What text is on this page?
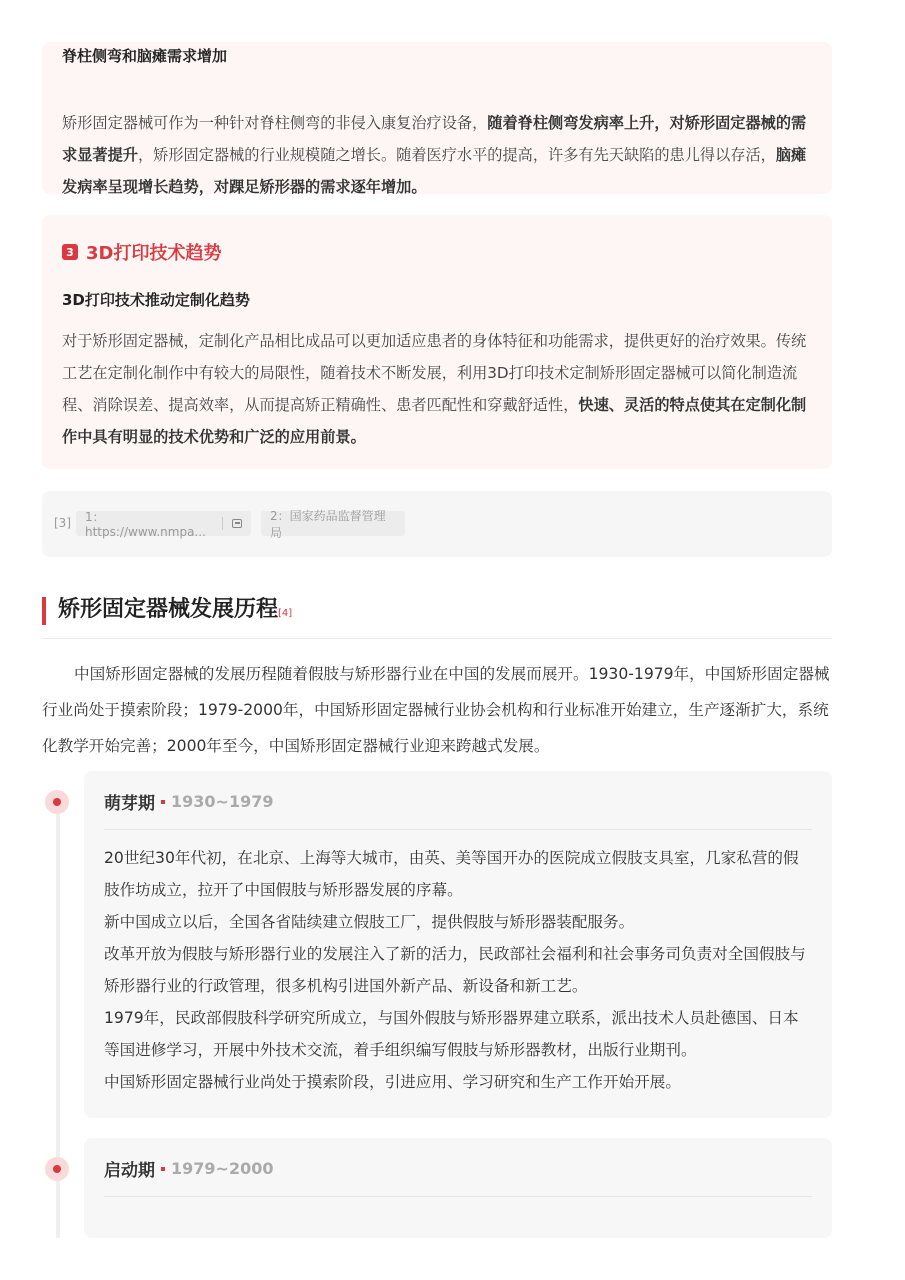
脊柱侧弯和脑瘫需求增加

矫形固定器械可作为一种针对脊柱侧弯的非侵入康复治疗设备，随着脊柱侧弯发病率上升，对矫形固定器械的需求显著提升，矫形固定器械的行业规模随之增长。随着医疗水平的提高，许多有先天缺陷的患儿得以存活，脑瘫发病率呈现增长趋势，对踝足矫形器的需求逐年增加。

3 3D打印技术趋势

3D打印技术推动定制化趋势

对于矫形固定器械，定制化产品相比成品可以更加适应患者的身体特征和功能需求，提供更好的治疗效果。传统工艺在定制化制作中有较大的局限性，随着技术不断发展，利用3D打印技术定制矫形固定器械可以简化制造流程、消除误差、提高效率，从而提高矫正精确性、患者匹配性和穿戴舒适性，快速、灵活的特点使其在定制化制作中具有明显的技术优势和广泛的应用前景。

[3] 1：https://www.nmpa...
2：国家药品监督管理局
矫形固定器械发展历程[4]

中国矫形固定器械的发展历程随着假肢与矫形器行业在中国的发展而展开。1930-1979年，中国矫形固定器械行业尚处于摸索阶段；1979-2000年，中国矫形固定器械行业协会机构和行业标准开始建立，生产逐渐扩大，系统化教学开始完善；2000年至今，中国矫形固定器械行业迎来跨越式发展。

萌芽期 1930~1979
20世纪30年代初，在北京、上海等大城市，由英、美等国开办的医院成立假肢支具室，几家私营的假肢作坊成立，拉开了中国假肢与矫形器发展的序幕。
新中国成立以后，全国各省陆续建立假肢工厂，提供假肢与矫形器装配服务。
改革开放为假肢与矫形器行业的发展注入了新的活力，民政部社会福利和社会事务司负责对全国假肢与矫形器行业的行政管理，很多机构引进国外新产品、新设备和新工艺。
1979年，民政部假肢科学研究所成立，与国外假肢与矫形器界建立联系，派出技术人员赴德国、日本等国进修学习，开展中外技术交流，着手组织编写假肢与矫形器教材，出版行业期刊。
中国矫形固定器械行业尚处于摸索阶段，引进应用、学习研究和生产工作开始开展。
启动期 1979~2000
